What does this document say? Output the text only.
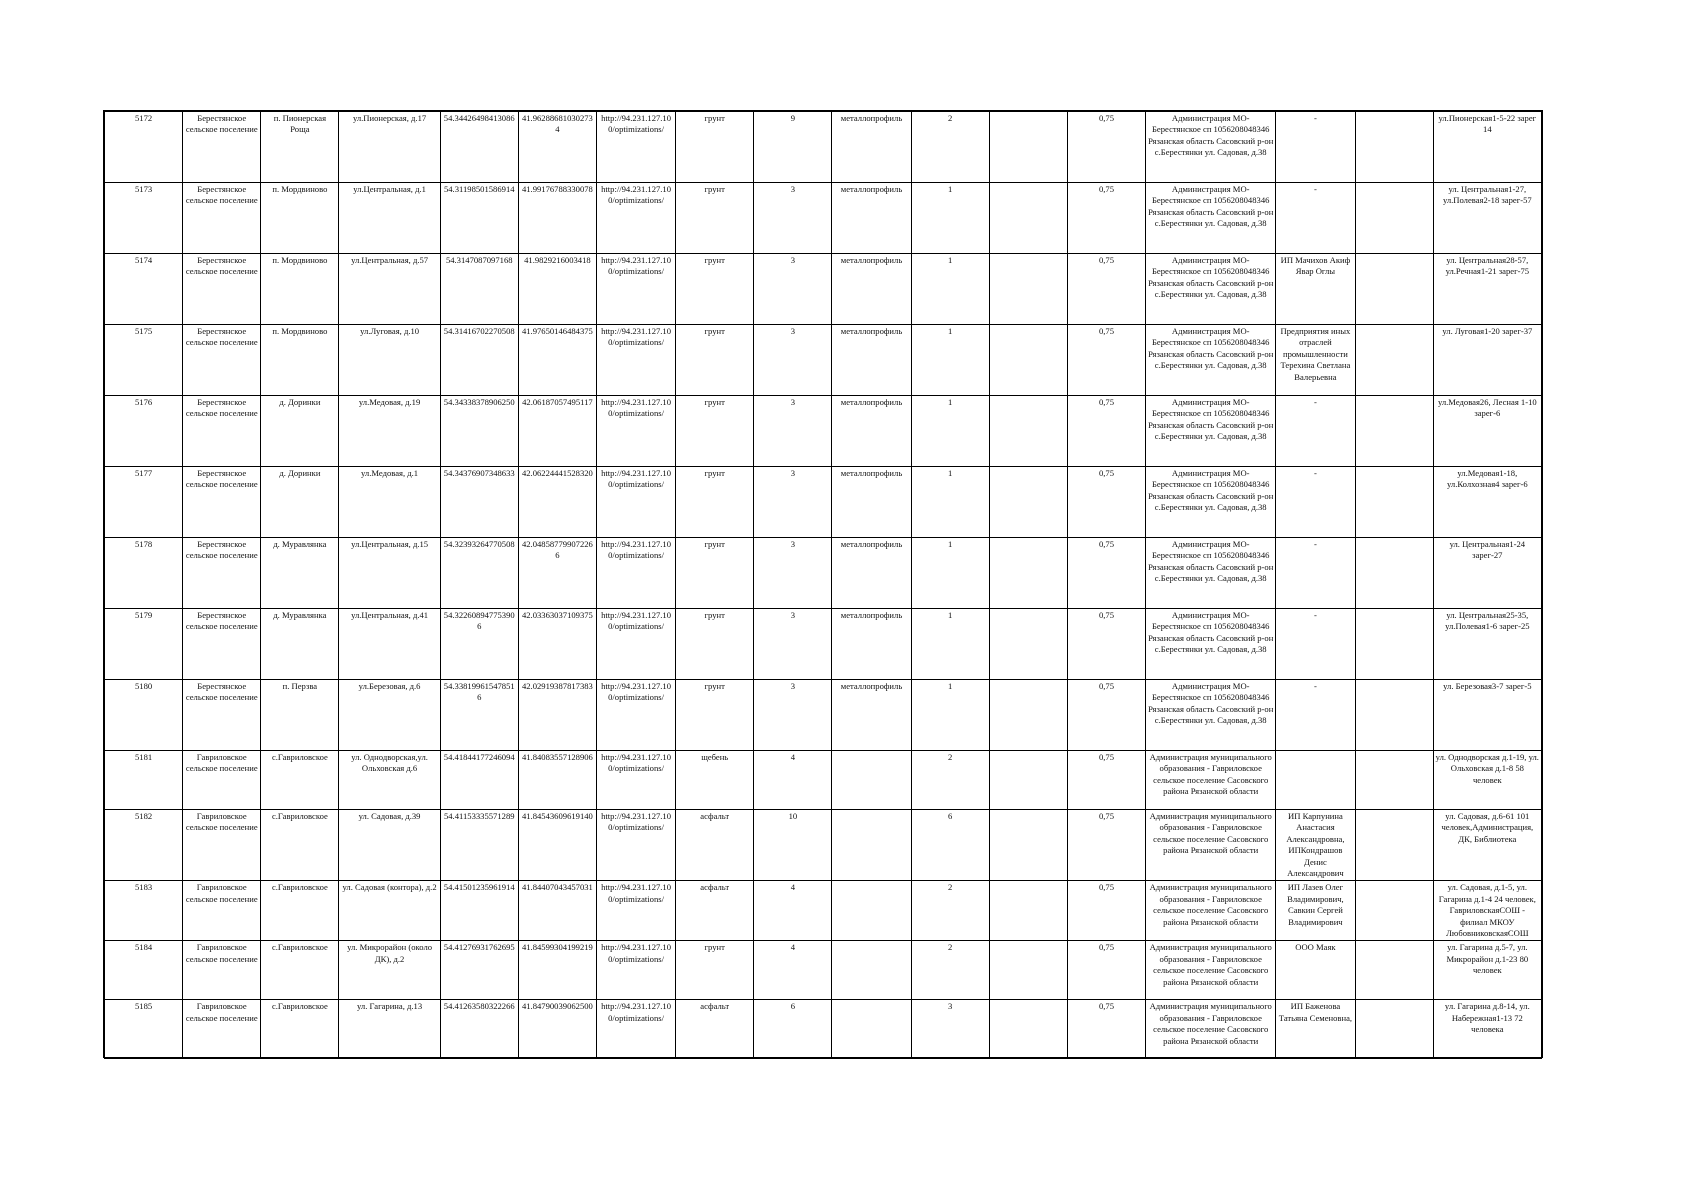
5172	Берестянское сельское поселение	п. Пионерская Роща	ул.Пионерская, д.17	54.34426498413086	41.962886810302734	http://94.231.127.100/optimizations/	грунт	9	металлопрофиль	2		0,75	Администрация МО-Берестянское сп 1056208048346 Рязанская область Сасовский р-он с.Берестянки ул. Садовая, д.38	-		ул.Пионерская1-5-22 зарег 14
5173	Берестянское сельское поселение	п. Мордвиново	ул.Центральная, д.1	54.31198501586914	41.99176788330078	http://94.231.127.100/optimizations/	грунт	3	металлопрофиль	1		0,75	Администрация МО-Берестянское сп 1056208048346 Рязанская область Сасовский р-он с.Берестянки ул. Садовая, д.38	-		ул. Центральная1-27, ул.Полевая2-18 зарег-57
5174	Берестянское сельское поселение	п. Мордвиново	ул.Центральная, д.57	54.3147087097168	41.9829216003418	http://94.231.127.100/optimizations/	грунт	3	металлопрофиль	1		0,75	Администрация МО-Берестянское сп 1056208048346 Рязанская область Сасовский р-он с.Берестянки ул. Садовая, д.38	ИП Мачихов Акиф Явар Оглы		ул. Центральная28-57, ул.Речная1-21 зарег-75
5175	Берестянское сельское поселение	п. Мордвиново	ул.Луговая, д.10	54.31416702270508	41.97650146484375	http://94.231.127.100/optimizations/	грунт	3	металлопрофиль	1		0,75	Администрация МО-Берестянское сп 1056208048346 Рязанская область Сасовский р-он с.Берестянки ул. Садовая, д.38	Предприятия иных отраслей промышленности Терехина Светлана Валерьевна		ул. Луговая1-20 зарег-37
5176	Берестянское сельское поселение	д. Доринки	ул.Медовая, д.19	54.34338378906250	42.06187057495117	http://94.231.127.100/optimizations/	грунт	3	металлопрофиль	1		0,75	Администрация МО-Берестянское сп 1056208048346 Рязанская область Сасовский р-он с.Берестянки ул. Садовая, д.38	-		ул.Медовая26, Лесная 1-10 зарег-6
5177	Берестянское сельское поселение	д. Доринки	ул.Медовая, д.1	54.34376907348633	42.06224441528320	http://94.231.127.100/optimizations/	грунт	3	металлопрофиль	1		0,75	Администрация МО-Берестянское сп 1056208048346 Рязанская область Сасовский р-он с.Берестянки ул. Садовая, д.38	-		ул.Медовая1-18, ул.Колхозная4 зарег-6
5178	Берестянское сельское поселение	д. Муравлянка	ул.Центральная, д.15	54.32393264770508	42.048587799072266	http://94.231.127.100/optimizations/	грунт	3	металлопрофиль	1		0,75	Администрация МО-Берестянское сп 1056208048346 Рязанская область Сасовский р-он с.Берестянки ул. Садовая, д.38	-		ул. Центральная1-24 зарег-27
5179	Берестянское сельское поселение	д. Муравлянка	ул.Центральная, д.41	54.322608947753906	42.03363037109375	http://94.231.127.100/optimizations/	грунт	3	металлопрофиль	1		0,75	Администрация МО-Берестянское сп 1056208048346 Рязанская область Сасовский р-он с.Берестянки ул. Садовая, д.38	-		ул. Центральная25-35, ул.Полевая1-6 зарег-25
5180	Берестянское сельское поселение	п. Перзва	ул.Березовая, д.6	54.338199615478516	42.02919387817383	http://94.231.127.100/optimizations/	грунт	3	металлопрофиль	1		0,75	Администрация МО-Берестянское сп 1056208048346 Рязанская область Сасовский р-он с.Берестянки ул. Садовая, д.38	-		ул. Березовая3-7 зарег-5
5181	Гавриловское сельское поселение	с.Гавриловское	ул. Однодворская,ул. Ольховская д.6	54.41844177246094	41.84083557128906	http://94.231.127.100/optimizations/	щебень	4		2		0,75	Администрация муниципального образования - Гавриловское сельское поселение Сасовского района Рязанской области			ул. Однодворская д.1-19, ул. Ольховская д.1-8 58 человек
5182	Гавриловское сельское поселение	с.Гавриловское	ул. Садовая, д.39	54.41153335571289	41.84543609619140	http://94.231.127.100/optimizations/	асфальт	10		6		0,75	Администрация муниципального образования - Гавриловское сельское поселение Сасовского района Рязанской области	ИП Карпунина Анастасия Александровна, ИПКондрашов Денис Александрович		ул. Садовая, д.6-61 101 человек,Администрация, ДК, Библиотека
5183	Гавриловское сельское поселение	с.Гавриловское	ул. Садовая (контора), д.2	54.41501235961914	41.84407043457031	http://94.231.127.100/optimizations/	асфальт	4		2		0,75	Администрация муниципального образования - Гавриловское сельское поселение Сасовского района Рязанской области	ИП Лазев Олег Владимирович, Савкин Сергей Владимирович		ул. Садовая, д.1-5, ул. Гагарина д.1-4 24 человек, ГавриловскаяСОШ - филиал МКОУ ЛюбовниковскаяСОШ
5184	Гавриловское сельское поселение	с.Гавриловское	ул. Микрорайон (около ДК), д.2	54.41276931762695	41.84599304199219	http://94.231.127.100/optimizations/	грунт	4		2		0,75	Администрация муниципального образования - Гавриловское сельское поселение Сасовского района Рязанской области	ООО Маяк		ул. Гагарина д.5-7, ул. Микрорайон д.1-23 80 человек
5185	Гавриловское сельское поселение	с.Гавриловское	ул. Гагарина, д.13	54.41263580322266	41.84790039062500	http://94.231.127.100/optimizations/	асфальт	6		3		0,75	Администрация муниципального образования - Гавриловское сельское поселение Сасовского района Рязанской области	ИП Баженова Татьяна Семеновна,		ул. Гагарина д.8-14, ул. Набережная1-13 72 человека
